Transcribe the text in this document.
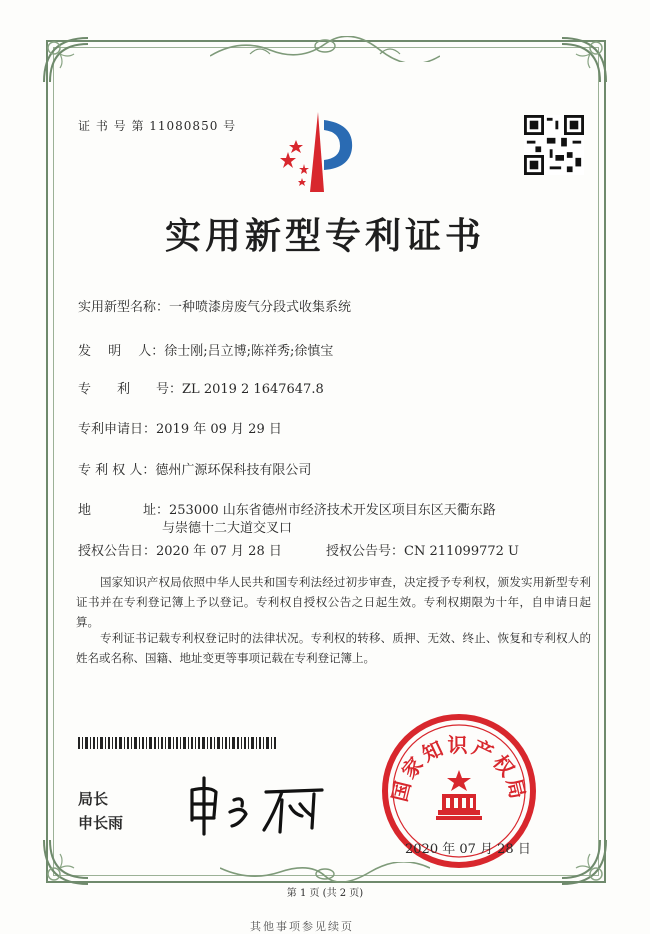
证 书 号 第 11080850 号
实用新型专利证书
实用新型名称：一种喷漆房废气分段式收集系统
发　 明　 人：徐士刚;吕立博;陈祥秀;徐慎宝
专　　利　　号：ZL 2019 2 1647647.8
专利申请日：2019 年 09 月 29 日
专 利 权 人：德州广源环保科技有限公司
地　　　　址：253000 山东省德州市经济技术开发区项目东区天衢东路
与崇德十二大道交叉口
授权公告日：2020 年 07 月 28 日	授权公告号：CN 211099772 U
国家知识产权局依照中华人民共和国专利法经过初步审查，决定授予专利权，颁发实用新型专利证书并在专利登记簿上予以登记。专利权自授权公告之日起生效。专利权期限为十年，自申请日起算。
专利证书记载专利权登记时的法律状况。专利权的转移、质押、无效、终止、恢复和专利权人的姓名或名称、国籍、地址变更等事项记载在专利登记簿上。
局长
申长雨
国家知识产权局
2020 年 07 月 28 日
第 1 页 (共 2 页)
其他事项参见续页
